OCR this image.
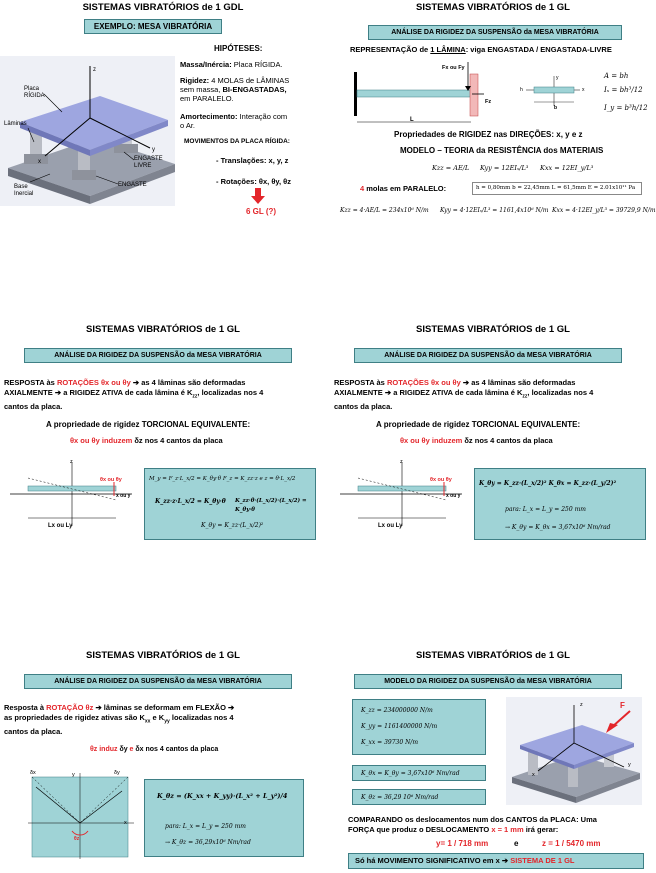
SISTEMAS VIBRATÓRIOS de 1 GDL
EXEMPLO: MESA VIBRATÓRIA
x
y
z
Placa
RÍGIDA
Lâminas
Base
Inercial
ENGASTE
ENGASTE
LIVRE
HIPÓTESES:
Massa/Inércia: Placa RÍGIDA.
Rigidez: 4 MOLAS de LÂMINAS
sem massa, BI-ENGASTADAS,
em PARALELO.
Amortecimento: Interação com
o Ar.
MOVIMENTOS DA PLACA RÍGIDA:
- Translações: x, y, z
- Rotações: θx, θy, θz
6 GL (?)
SISTEMAS VIBRATÓRIOS de 1 GL
ANÁLISE DA RIGIDEZ DA SUSPENSÃO da MESA VIBRATÓRIA
REPRESENTAÇÃO de 1 LÂMINA: viga ENGASTADA / ENGASTADA-LIVRE
Fx ou Fy
Fz
L
y
x
h
b
A = bh
Iₓ = bh³/12
I_y = b³h/12
Propriedades de RIGIDEZ nas DIREÇÕES: x, y e z
MODELO – TEORIA da RESISTÊNCIA dos MATERIAIS
Kzz = AE/L Kyy = 12EIₓ/L³ Kxx = 12EI_y/L³
4 molas em PARALELO:	h = 0,80mm b = 22,45mm L = 61,5mm E = 2.01x10¹¹ Pa
Kzz = 4·AE/L = 234x10⁶ N/m Kyy = 4·12EIₓ/L³ = 1161,4x10⁶ N/m Kxx = 4·12EI_y/L³ = 39729,9 N/m
SISTEMAS VIBRATÓRIOS de 1 GL
ANÁLISE DA RIGIDEZ DA SUSPENSÃO da MESA VIBRATÓRIA
RESPOSTA às ROTAÇÕES θx ou θy ➔ as 4 lâminas são deformadas
AXIALMENTE ➔ a RIGIDEZ ATIVA de cada lâmina é $K_{zz}$, localizadas nos 4
cantos da placa.
A propriedade de rigidez TORCIONAL EQUIVALENTE:
θx ou θy induzem δz nos 4 cantos da placa
z
θx ou θy
x ou y
Lx ou Ly
M_y = F_z·L_x/2 = K_θy·θ F_z = K_zz·z e z = θ·L_x/2
K_zz·z·L_x/2 = K_θy·θ K_zz·θ·(L_x/2)·(L_x/2) = K_θy·θ
K_θy = K_zz·(L_x/2)²
SISTEMAS VIBRATÓRIOS de 1 GL
ANÁLISE DA RIGIDEZ DA SUSPENSÃO da MESA VIBRATÓRIA
RESPOSTA às ROTAÇÕES θx ou θy ➔ as 4 lâminas são deformadas
AXIALMENTE ➔ a RIGIDEZ ATIVA de cada lâmina é $K_{zz}$, localizadas nos 4
cantos da placa.
A propriedade de rigidez TORCIONAL EQUIVALENTE:
θx ou θy induzem δz nos 4 cantos da placa
z
θx ou θy
x ou y
Lx ou Ly
K_θy = K_zz·(L_x/2)² K_θx = K_zz·(L_y/2)²
para: L_x = L_y = 250 mm
→ K_θy = K_θx = 3,67x10⁶ Nm/rad
SISTEMAS VIBRATÓRIOS de 1 GL
ANÁLISE DA RIGIDEZ DA SUSPENSÃO da MESA VIBRATÓRIA
Resposta à ROTAÇÃO θz ➔ lâminas se deformam em FLEXÃO ➔
as propriedades de rigidez ativas são $K_{xx}$ e $K_{yy}$ localizadas nos 4
cantos da placa.
θz induz δy e δx nos 4 cantos da placa
δx	δy
y
x
θz
K_θz = (K_xx + K_yy)·(L_x² + L_y²)/4
para: L_x = L_y = 250 mm
→ K_θz = 36,29x10⁶ Nm/rad
SISTEMAS VIBRATÓRIOS de 1 GL
MODELO DA RIGIDEZ DA SUSPENSÃO da MESA VIBRATÓRIA
K_zz = 234000000 N/m
K_yy = 1161400000 N/m
K_xx = 39730 N/m
K_θx = K_θy = 3,67x10⁶ Nm/rad
K_θz = 36,29 10⁶ Nm/rad
F
x
y
z
COMPARANDO os deslocamentos num dos CANTOS da PLACA: Uma
FORÇA que produz o DESLOCAMENTO x = 1 mm irá gerar:
y= 1 / 718 mm	e	z = 1 / 5470 mm
Só há MOVIMENTO SIGNIFICATIVO em x ➔ SISTEMA DE 1 GL
